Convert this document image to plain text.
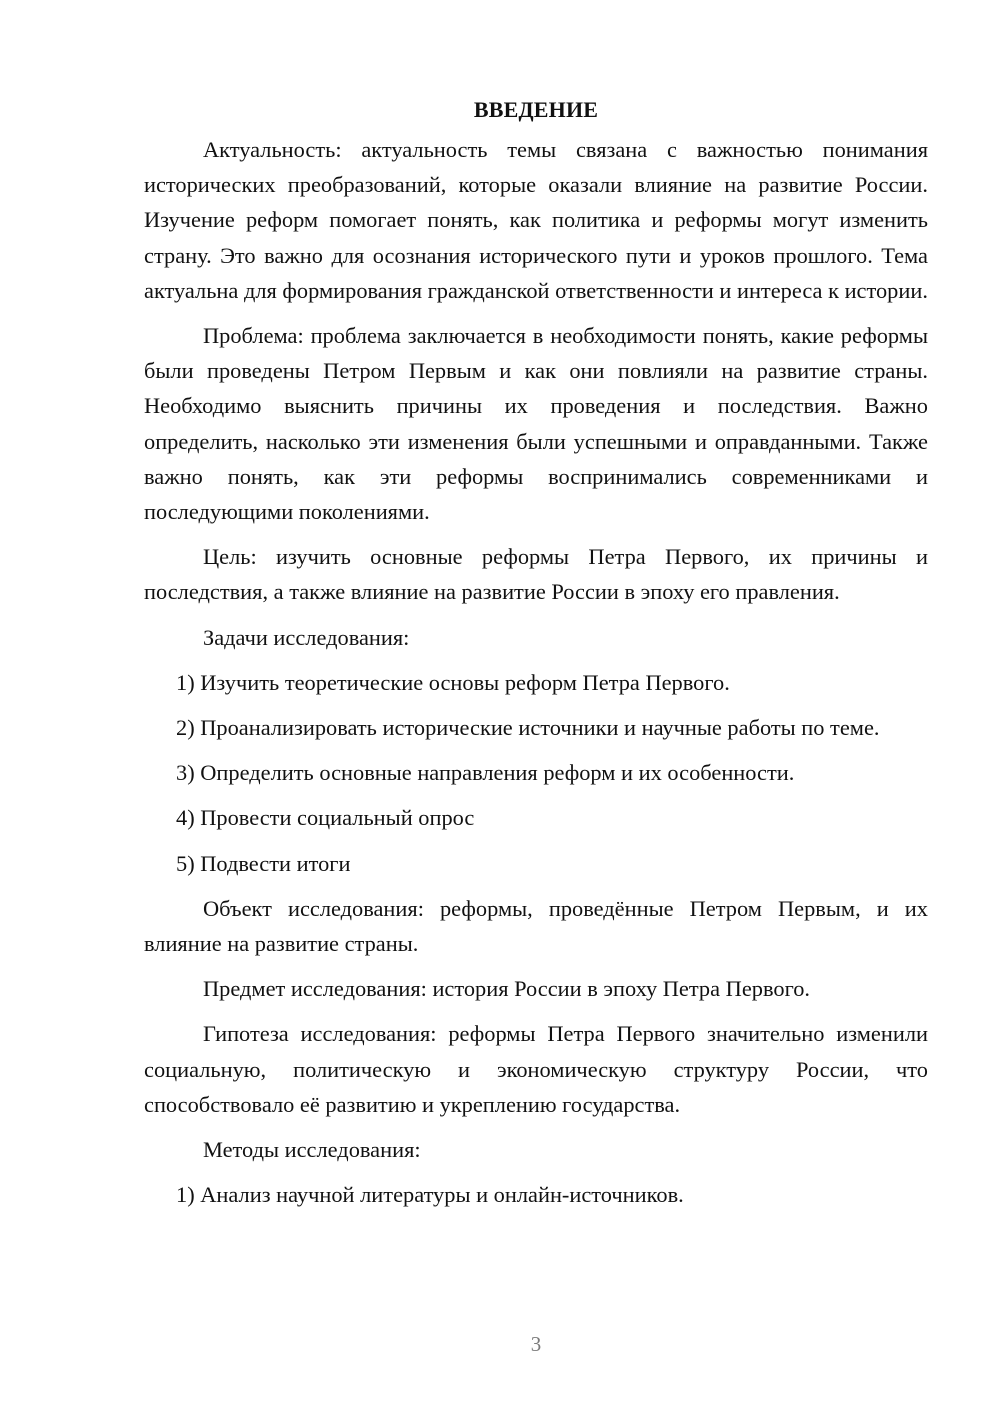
ВВЕДЕНИЕ

Актуальность: актуальность темы связана с важностью понимания исторических преобразований, которые оказали влияние на развитие России. Изучение реформ помогает понять, как политика и реформы могут изменить страну. Это важно для осознания исторического пути и уроков прошлого. Тема актуальна для формирования гражданской ответственности и интереса к истории.

Проблема: проблема заключается в необходимости понять, какие реформы были проведены Петром Первым и как они повлияли на развитие страны. Необходимо выяснить причины их проведения и последствия. Важно определить, насколько эти изменения были успешными и оправданными. Также важно понять, как эти реформы воспринимались современниками и последующими поколениями.

Цель: изучить основные реформы Петра Первого, их причины и последствия, а также влияние на развитие России в эпоху его правления.

Задачи исследования:

1) Изучить теоретические основы реформ Петра Первого.

2) Проанализировать исторические источники и научные работы по теме.

3) Определить основные направления реформ и их особенности.

4) Провести социальный опрос

5) Подвести итоги

Объект исследования: реформы, проведённые Петром Первым, и их влияние на развитие страны.

Предмет исследования: история России в эпоху Петра Первого.

Гипотеза исследования: реформы Петра Первого значительно изменили социальную, политическую и экономическую структуру России, что способствовало её развитию и укреплению государства.

Методы исследования:

1) Анализ научной литературы и онлайн-источников.

3
